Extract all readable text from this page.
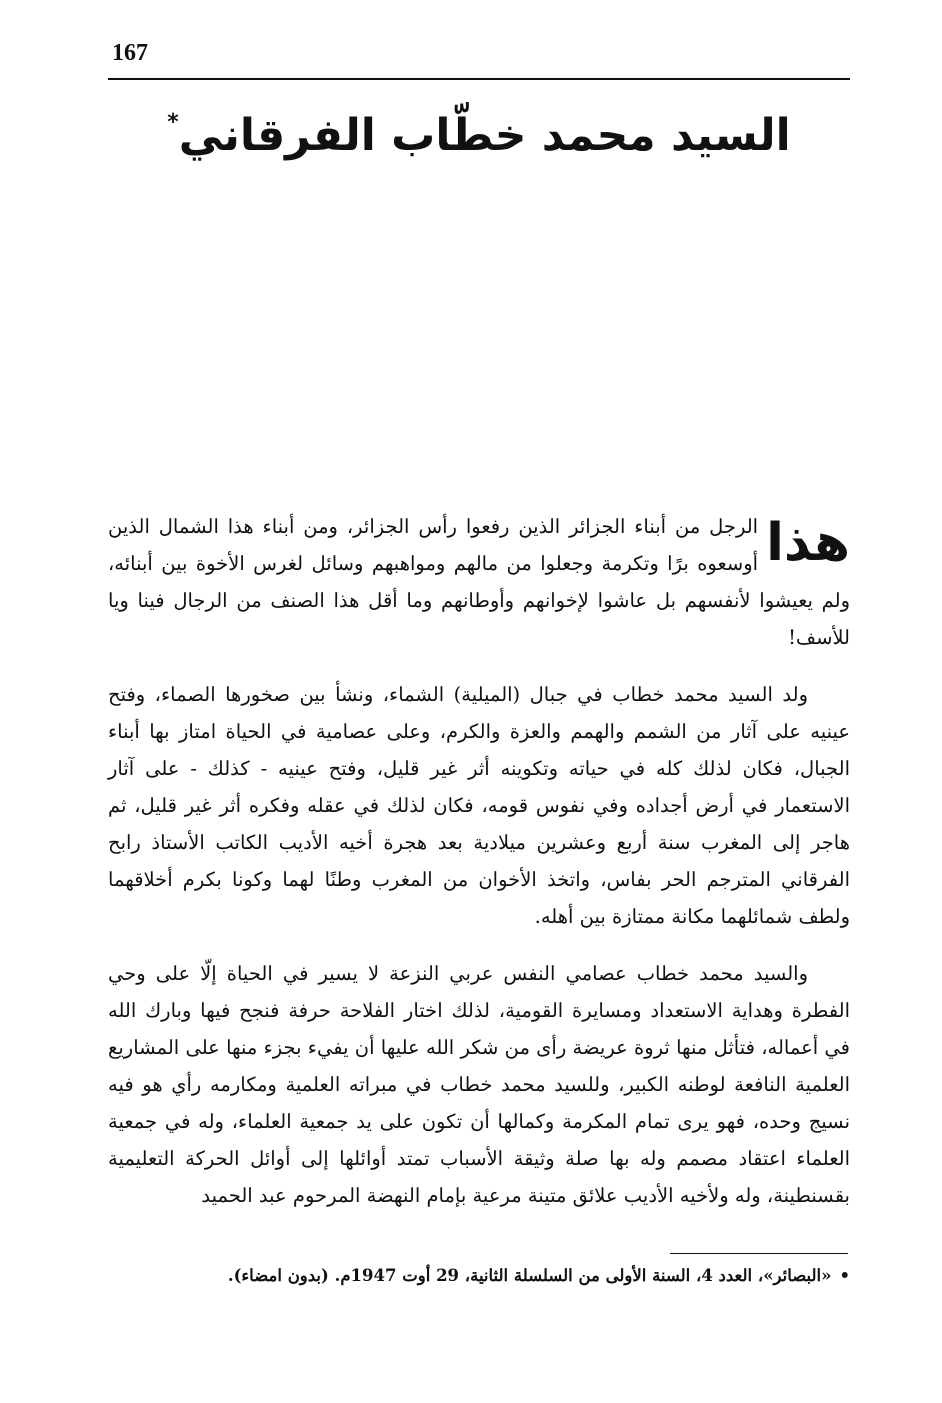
167
السيد محمد خطّاب الفرقاني*

هذا
الرجل من أبناء الجزائر الذين رفعوا رأس الجزائر، ومن أبناء هذا الشمال الذين أوسعوه برًا وتكرمة وجعلوا من مالهم ومواهبهم وسائل لغرس الأخوة بين أبنائه، ولم يعيشوا لأنفسهم بل عاشوا لإخوانهم وأوطانهم وما أقل هذا الصنف من الرجال فينا ويا للأسف!

ولد السيد محمد خطاب في جبال (الميلية) الشماء، ونشأ بين صخورها الصماء، وفتح عينيه على آثار من الشمم والهمم والعزة والكرم، وعلى عصامية في الحياة امتاز بها أبناء الجبال، فكان لذلك كله في حياته وتكوينه أثر غير قليل، وفتح عينيه - كذلك - على آثار الاستعمار في أرض أجداده وفي نفوس قومه، فكان لذلك في عقله وفكره أثر غير قليل، ثم هاجر إلى المغرب سنة أربع وعشرين ميلادية بعد هجرة أخيه الأديب الكاتب الأستاذ رابح الفرقاني المترجم الحر بفاس، واتخذ الأخوان من المغرب وطنًا لهما وكونا بكرم أخلاقهما ولطف شمائلهما مكانة ممتازة بين أهله.

والسيد محمد خطاب عصامي النفس عربي النزعة لا يسير في الحياة إلّا على وحي الفطرة وهداية الاستعداد ومسايرة القومية، لذلك اختار الفلاحة حرفة فنجح فيها وبارك الله في أعماله، فتأثل منها ثروة عريضة رأى من شكر الله عليها أن يفيء بجزء منها على المشاريع العلمية النافعة لوطنه الكبير، وللسيد محمد خطاب في مبراته العلمية ومكارمه رأي هو فيه نسيج وحده، فهو يرى تمام المكرمة وكمالها أن تكون على يد جمعية العلماء، وله في جمعية العلماء اعتقاد مصمم وله بها صلة وثيقة الأسباب تمتد أوائلها إلى أوائل الحركة التعليمية بقسنطينة، وله ولأخيه الأديب علائق متينة مرعية بإمام النهضة المرحوم عبد الحميد

•«البصائر»، العدد 4، السنة الأولى من السلسلة الثانية، 29 أوت 1947م. (بدون امضاء).
